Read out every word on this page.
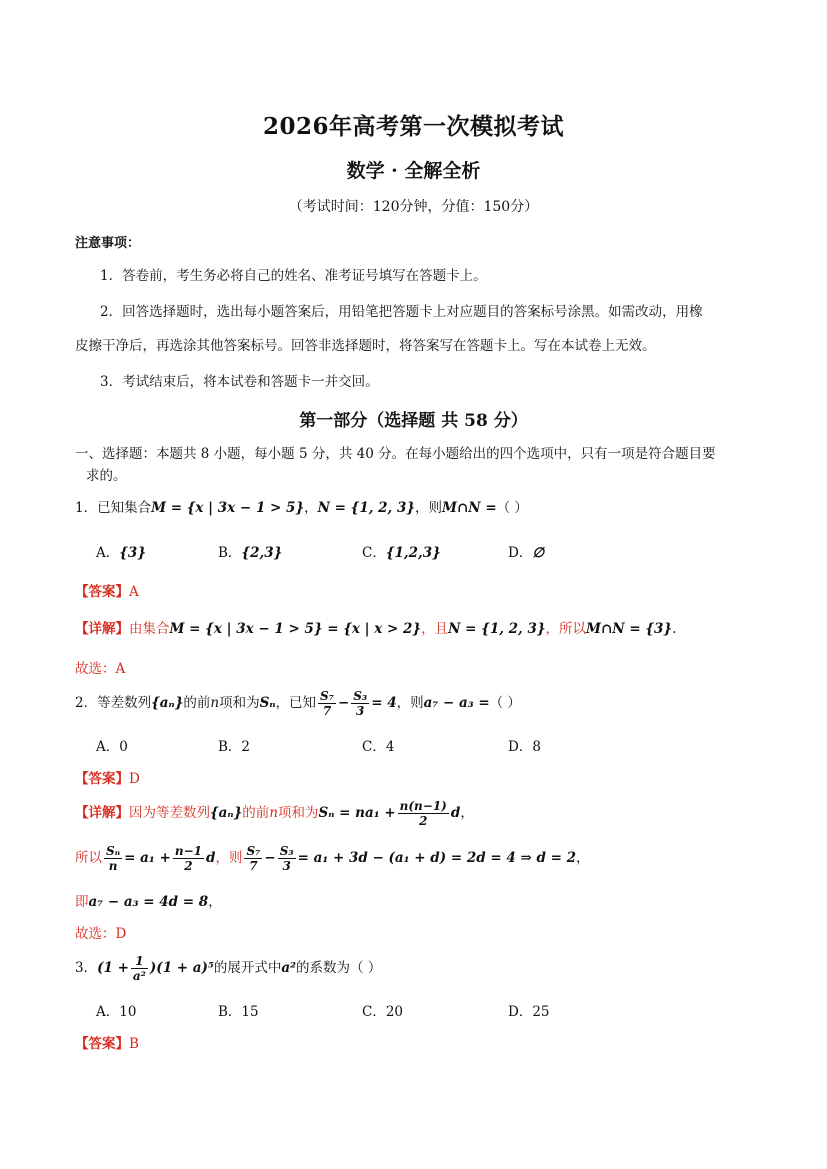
2026年高考第一次模拟考试
数学 · 全解全析
（考试时间：120分钟，分值：150分）
注意事项：
1．答卷前，考生务必将自己的姓名、准考证号填写在答题卡上。
2．回答选择题时，选出每小题答案后，用铅笔把答题卡上对应题目的答案标号涂黑。如需改动，用橡
皮擦干净后，再选涂其他答案标号。回答非选择题时，将答案写在答题卡上。写在本试卷上无效。
3．考试结束后，将本试卷和答题卡一并交回。
第一部分（选择题 共 58 分）
一、选择题：本题共 8 小题，每小题 5 分，共 40 分。在每小题给出的四个选项中，只有一项是符合题目要
求的。
1．已知集合M = {x | 3x − 1 > 5}，N = {1, 2, 3}，则M∩N =（ ）
A．{3}	B．{2,3}	C．{1,2,3}	D．∅
【答案】A
【详解】由集合M = {x | 3x − 1 > 5} = {x | x > 2}，且N = {1, 2, 3}，所以M∩N = {3}.
故选：A
2．等差数列{aₙ}的前n项和为Sₙ，已知 $\frac{\text{S₇}}{7} - \frac{\text{S₃}}{3} = 4$，则a₇ − a₃ =（ ）
A．0	B．2	C．4	D．8
【答案】D
【详解】因为等差数列{aₙ}的前n项和为$S_n = na_1 + \frac{n(n-1)}{2}$ d，
所以 $\frac{\text{Sₙ}}{n} = a_1 + \frac{n-1}{2}$ d，则 $\frac{\text{S₇}}{7} - \frac{\text{S₃}}{3} = a_1 + 3d - (a_1 + d) = 2d = 4$ ⇒ d = 2，
即a₇ − a₃ = 4d = 8，
故选：D
3．$(1 + \frac{1}{\text{a²}} )(1 + a)^5$的展开式中a²的系数为（ ）
A．10	B．15	C．20	D．25
【答案】B
